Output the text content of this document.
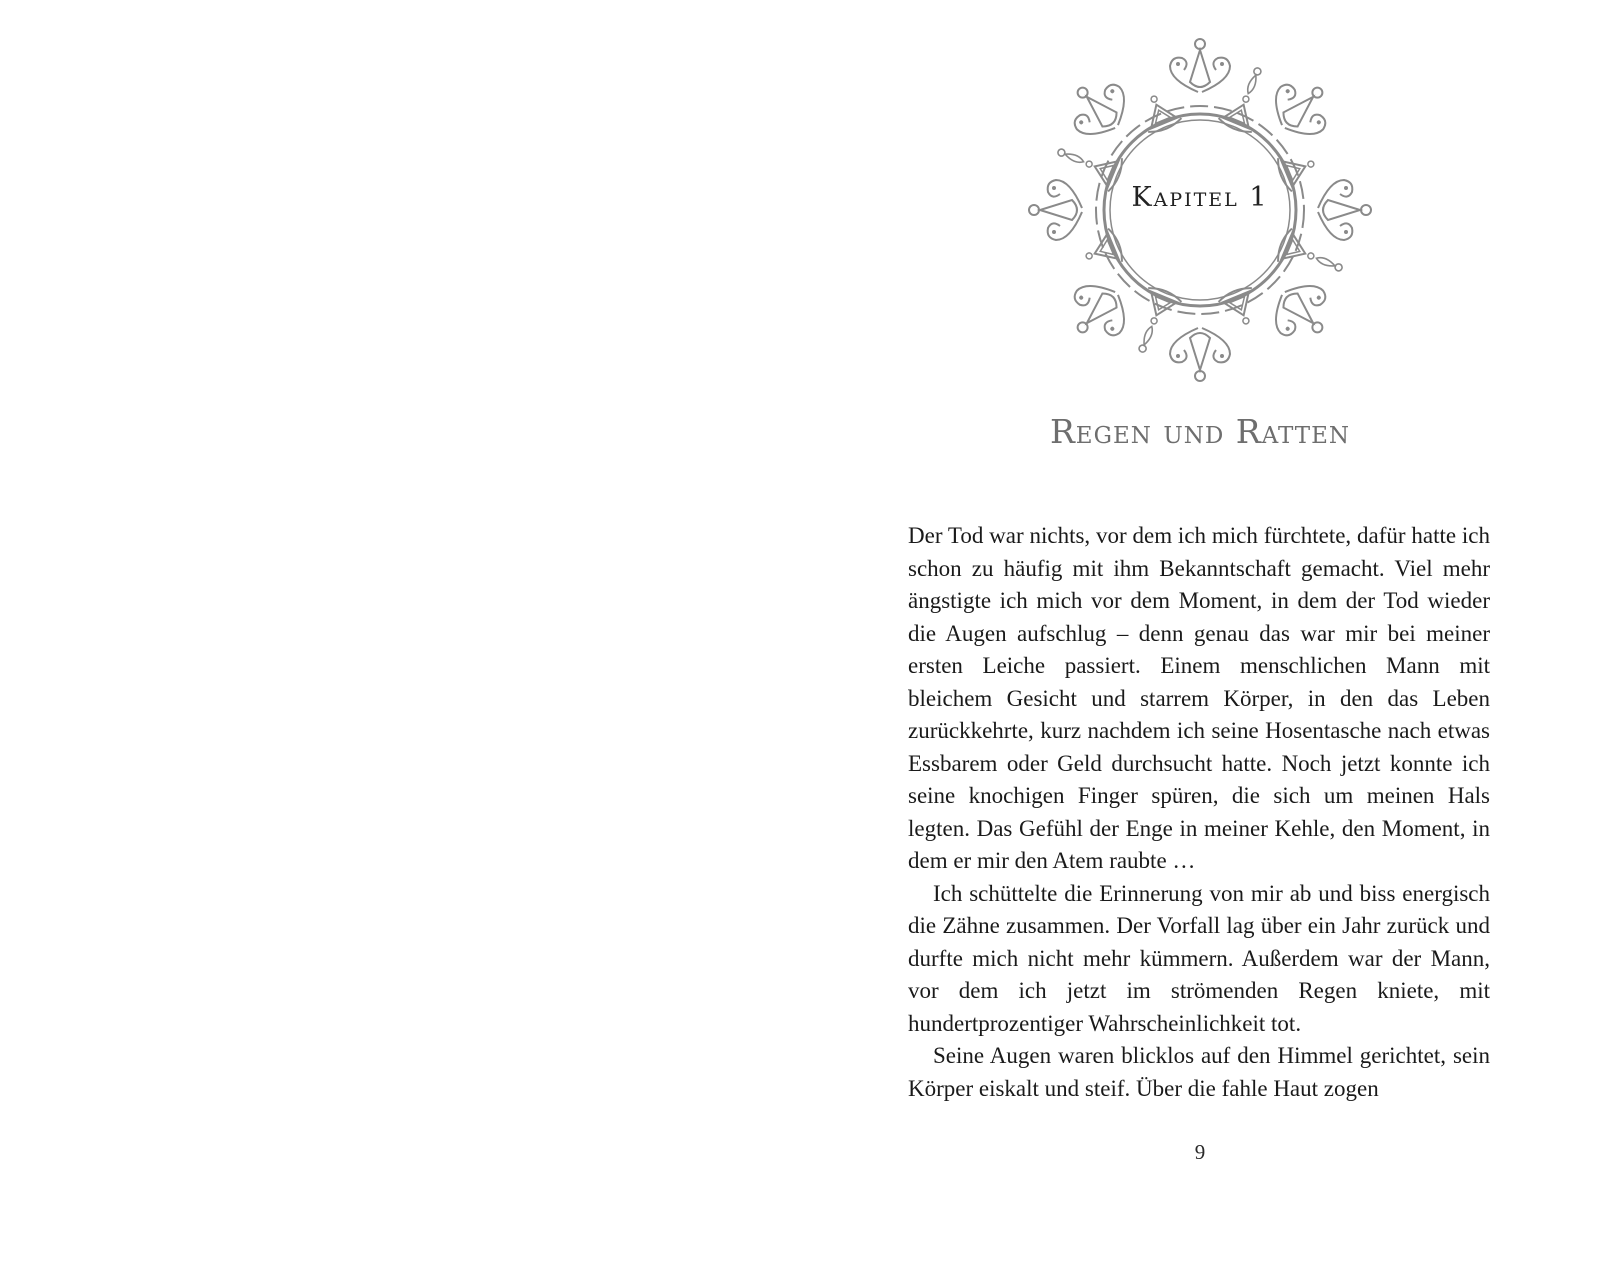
Kapitel 1
Regen und Ratten

Der Tod war nichts, vor dem ich mich fürchtete, dafür hatte ich schon zu häufig mit ihm Bekanntschaft gemacht. Viel mehr ängstigte ich mich vor dem Moment, in dem der Tod wieder die Augen aufschlug – denn genau das war mir bei meiner ersten Leiche passiert. Einem menschlichen Mann mit bleichem Gesicht und starrem Körper, in den das Leben zurückkehrte, kurz nachdem ich seine Hosentasche nach etwas Essbarem oder Geld durchsucht hatte. Noch jetzt konnte ich seine knochigen Finger spüren, die sich um meinen Hals legten. Das Gefühl der Enge in meiner Kehle, den Moment, in dem er mir den Atem raubte …

Ich schüttelte die Erinnerung von mir ab und biss energisch die Zähne zusammen. Der Vorfall lag über ein Jahr zurück und durfte mich nicht mehr kümmern. Außerdem war der Mann, vor dem ich jetzt im strömenden Regen kniete, mit hundertprozentiger Wahrscheinlichkeit tot.

Seine Augen waren blicklos auf den Himmel gerichtet, sein Körper eiskalt und steif. Über die fahle Haut zogen

9
